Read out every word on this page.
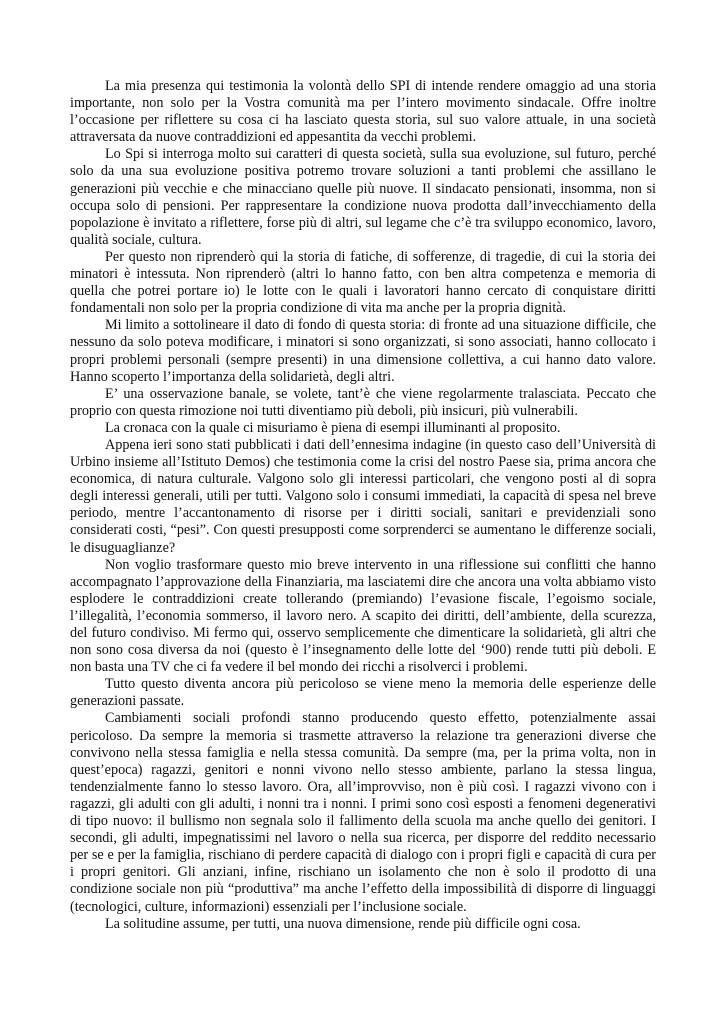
La mia presenza qui testimonia la volontà dello SPI di intende rendere omaggio ad una storia importante, non solo per la Vostra comunità ma per l’intero movimento sindacale. Offre inoltre l’occasione per riflettere su cosa ci ha lasciato questa storia, sul suo valore attuale, in una società attraversata da nuove contraddizioni ed appesantita da vecchi problemi.

Lo Spi si interroga molto sui caratteri di questa società, sulla sua evoluzione, sul futuro, perché solo da una sua evoluzione positiva potremo trovare soluzioni a tanti problemi che assillano le generazioni più vecchie e che minacciano quelle più nuove. Il sindacato pensionati, insomma, non si occupa solo di pensioni. Per rappresentare la condizione nuova prodotta dall’invecchiamento della popolazione è invitato a riflettere, forse più di altri, sul legame che c’è tra sviluppo economico, lavoro, qualità sociale, cultura.

Per questo non riprenderò qui la storia di fatiche, di sofferenze, di tragedie, di cui la storia dei minatori è intessuta. Non riprenderò (altri lo hanno fatto, con ben altra competenza e memoria di quella che potrei portare io) le lotte con le quali i lavoratori hanno cercato di conquistare diritti fondamentali non solo per la propria condizione di vita ma anche per la propria dignità.

Mi limito a sottolineare il dato di fondo di questa storia: di fronte ad una situazione difficile, che nessuno da solo poteva modificare, i minatori si sono organizzati, si sono associati, hanno collocato i propri problemi personali (sempre presenti) in una dimensione collettiva, a cui hanno dato valore. Hanno scoperto l’importanza della solidarietà, degli altri.

E’ una osservazione banale, se volete, tant’è che viene regolarmente tralasciata. Peccato che proprio con questa rimozione noi tutti diventiamo più deboli, più insicuri, più vulnerabili.

La cronaca con la quale ci misuriamo è piena di esempi illuminanti al proposito.

Appena ieri sono stati pubblicati i dati dell’ennesima indagine (in questo caso dell’Università di Urbino insieme all’Istituto Demos) che testimonia come la crisi del nostro Paese sia, prima ancora che economica, di natura culturale. Valgono solo gli interessi particolari, che vengono posti al di sopra degli interessi generali, utili per tutti. Valgono solo i consumi immediati, la capacità di spesa nel breve periodo, mentre l’accantonamento di risorse per i diritti sociali, sanitari e previdenziali sono considerati costi, “pesi”. Con questi presupposti come sorprenderci se aumentano le differenze sociali, le disuguaglianze?

Non voglio trasformare questo mio breve intervento in una riflessione sui conflitti che hanno accompagnato l’approvazione della Finanziaria, ma lasciatemi dire che ancora una volta abbiamo visto esplodere le contraddizioni create tollerando (premiando) l’evasione fiscale, l’egoismo sociale, l’illegalità, l’economia sommerso, il lavoro nero. A scapito dei diritti, dell’ambiente, della scurezza, del futuro condiviso. Mi fermo qui, osservo semplicemente che dimenticare la solidarietà, gli altri che non sono cosa diversa da noi (questo è l’insegnamento delle lotte del ‘900) rende tutti più deboli. E non basta una TV che ci fa vedere il bel mondo dei ricchi a risolverci i problemi.

Tutto questo diventa ancora più pericoloso se viene meno la memoria delle esperienze delle generazioni passate.

Cambiamenti sociali profondi stanno producendo questo effetto, potenzialmente assai pericoloso. Da sempre la memoria si trasmette attraverso la relazione tra generazioni diverse che convivono nella stessa famiglia e nella stessa comunità. Da sempre (ma, per la prima volta, non in quest’epoca) ragazzi, genitori e nonni vivono nello stesso ambiente, parlano la stessa lingua, tendenzialmente fanno lo stesso lavoro. Ora, all’improvviso, non è più così. I ragazzi vivono con i ragazzi, gli adulti con gli adulti, i nonni tra i nonni. I primi sono così esposti a fenomeni degenerativi di tipo nuovo: il bullismo non segnala solo il fallimento della scuola ma anche quello dei genitori. I secondi, gli adulti, impegnatissimi nel lavoro o nella sua ricerca, per disporre del reddito necessario per se e per la famiglia, rischiano di perdere capacità di dialogo con i propri figli e capacità di cura per i propri genitori. Gli anziani, infine, rischiano un isolamento che non è solo il prodotto di una condizione sociale non più “produttiva” ma anche l’effetto della impossibilità di disporre di linguaggi (tecnologici, culture, informazioni) essenziali per l’inclusione sociale.

La solitudine assume, per tutti, una nuova dimensione, rende più difficile ogni cosa.
